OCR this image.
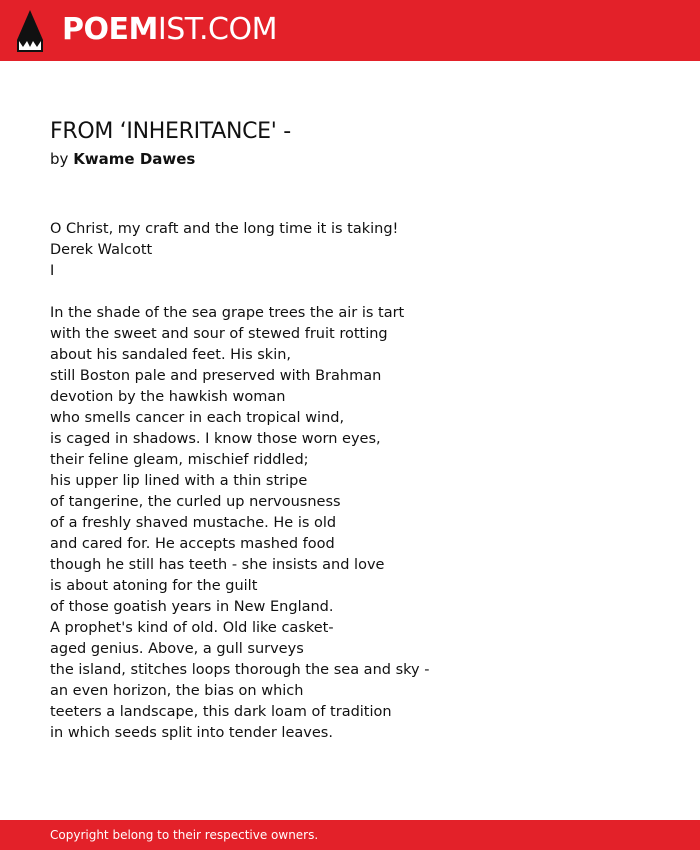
POEMIST.COM
FROM ‘INHERITANCE' -
by Kwame Dawes
O Christ, my craft and the long time it is taking!
Derek Walcott
I
In the shade of the sea grape trees the air is tart
with the sweet and sour of stewed fruit rotting
about his sandaled feet. His skin,
still Boston pale and preserved with Brahman
devotion by the hawkish woman
who smells cancer in each tropical wind,
is caged in shadows. I know those worn eyes,
their feline gleam, mischief riddled;
his upper lip lined with a thin stripe
of tangerine, the curled up nervousness
of a freshly shaved mustache. He is old
and cared for. He accepts mashed food
though he still has teeth - she insists and love
is about atoning for the guilt
of those goatish years in New England.
A prophet's kind of old. Old like casket-
aged genius. Above, a gull surveys
the island, stitches loops thorough the sea and sky -
an even horizon, the bias on which
teeters a landscape, this dark loam of tradition
in which seeds split into tender leaves.
Copyright belong to their respective owners.
